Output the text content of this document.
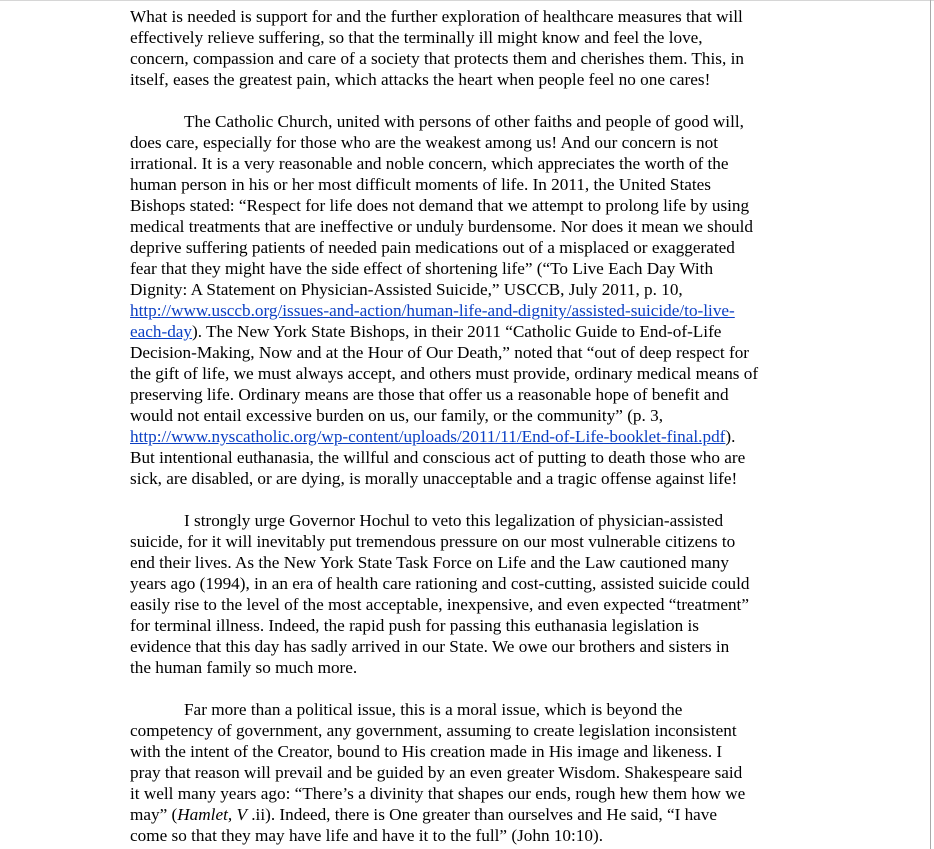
What is needed is support for and the further exploration of healthcare measures that will
effectively relieve suffering, so that the terminally ill might know and feel the love,
concern, compassion and care of a society that protects them and cherishes them. This, in
itself, eases the greatest pain, which attacks the heart when people feel no one cares!
The Catholic Church, united with persons of other faiths and people of good will,
does care, especially for those who are the weakest among us! And our concern is not
irrational. It is a very reasonable and noble concern, which appreciates the worth of the
human person in his or her most difficult moments of life. In 2011, the United States
Bishops stated: “Respect for life does not demand that we attempt to prolong life by using
medical treatments that are ineffective or unduly burdensome. Nor does it mean we should
deprive suffering patients of needed pain medications out of a misplaced or exaggerated
fear that they might have the side effect of shortening life” (“To Live Each Day With
Dignity: A Statement on Physician-Assisted Suicide,” USCCB, July 2011, p. 10,
http://www.usccb.org/issues-and-action/human-life-and-dignity/assisted-suicide/to-live-
each-day). The New York State Bishops, in their 2011 “Catholic Guide to End-of-Life
Decision-Making, Now and at the Hour of Our Death,” noted that “out of deep respect for
the gift of life, we must always accept, and others must provide, ordinary medical means of
preserving life. Ordinary means are those that offer us a reasonable hope of benefit and
would not entail excessive burden on us, our family, or the community” (p. 3,
http://www.nyscatholic.org/wp-content/uploads/2011/11/End-of-Life-booklet-final.pdf).
But intentional euthanasia, the willful and conscious act of putting to death those who are
sick, are disabled, or are dying, is morally unacceptable and a tragic offense against life!
I strongly urge Governor Hochul to veto this legalization of physician-assisted
suicide, for it will inevitably put tremendous pressure on our most vulnerable citizens to
end their lives. As the New York State Task Force on Life and the Law cautioned many
years ago (1994), in an era of health care rationing and cost-cutting, assisted suicide could
easily rise to the level of the most acceptable, inexpensive, and even expected “treatment”
for terminal illness. Indeed, the rapid push for passing this euthanasia legislation is
evidence that this day has sadly arrived in our State. We owe our brothers and sisters in
the human family so much more.
Far more than a political issue, this is a moral issue, which is beyond the
competency of government, any government, assuming to create legislation inconsistent
with the intent of the Creator, bound to His creation made in His image and likeness. I
pray that reason will prevail and be guided by an even greater Wisdom. Shakespeare said
it well many years ago: “There’s a divinity that shapes our ends, rough hew them how we
may” (Hamlet, V .ii). Indeed, there is One greater than ourselves and He said, “I have
come so that they may have life and have it to the full” (John 10:10).
